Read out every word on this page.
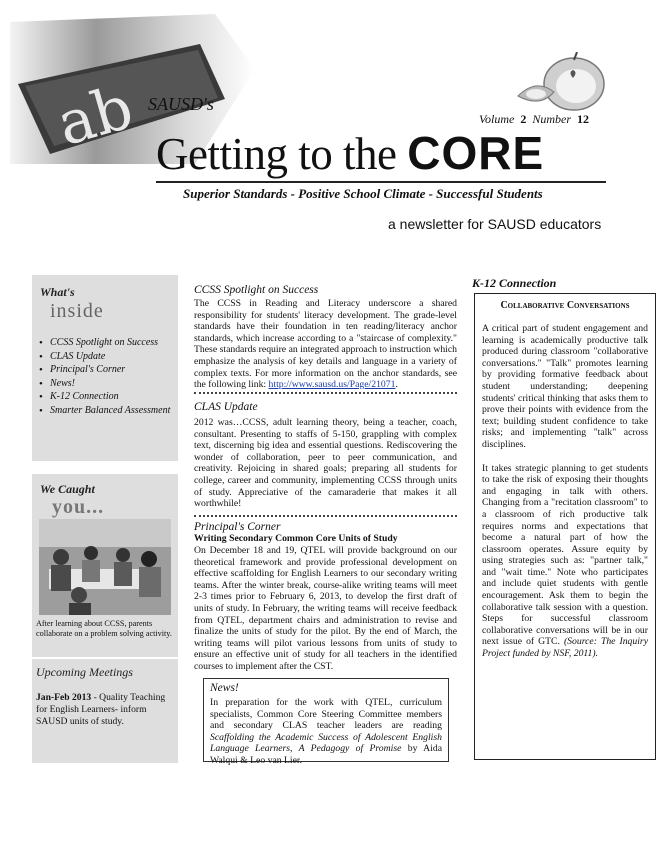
ab SAUSD's
Volume 2 Number 12
Getting to the CORE
Superior Standards - Positive School Climate - Successful Students
a newsletter for SAUSD educators
What's
inside
• CCSS Spotlight on Success
• CLAS Update
• Principal's Corner
• News!
• K-12 Connection
• Smarter Balanced Assessment
We Caught
you...
After learning about CCSS, parents collaborate on a problem solving activity.
Upcoming Meetings
Jan-Feb 2013 - Quality Teaching for English Learners- inform SAUSD units of study.
CCSS Spotlight on Success
The CCSS in Reading and Literacy underscore a shared responsibility for students' literacy development. The grade-level standards have their foundation in ten reading/literacy anchor standards, which increase according to a "staircase of complexity." These standards require an integrated approach to instruction which emphasize the analysis of key details and language in a variety of complex texts. For more information on the anchor standards, see the following link: http://www.sausd.us/Page/21071.
CLAS Update
2012 was…CCSS, adult learning theory, being a teacher, coach, consultant. Presenting to staffs of 5-150, grappling with complex text, discerning big idea and essential questions. Rediscovering the wonder of collaboration, peer to peer communication, and creativity. Rejoicing in shared goals; preparing all students for college, career and community, implementing CCSS through units of study. Appreciative of the camaraderie that makes it all worthwhile!
Principal's Corner
Writing Secondary Common Core Units of Study
On December 18 and 19, QTEL will provide background on our theoretical framework and provide professional development on effective scaffolding for English Learners to our secondary writing teams. After the winter break, course-alike writing teams will meet 2-3 times prior to February 6, 2013, to develop the first draft of units of study. In February, the writing teams will receive feedback from QTEL, department chairs and administration to revise and finalize the units of study for the pilot. By the end of March, the writing teams will pilot various lessons from units of study to ensure an effective unit of study for all teachers in the identified courses to implement after the CST.
News!
In preparation for the work with QTEL, curriculum specialists, Common Core Steering Committee members and secondary CLAS teacher leaders are reading Scaffolding the Academic Success of Adolescent English Language Learners, A Pedagogy of Promise by Aida Walqui & Leo van Lier.
K-12 Connection
Collaborative Conversations

A critical part of student engagement and learning is academically productive talk produced during classroom "collaborative conversations." "Talk" promotes learning by providing formative feedback about student understanding; deepening students' critical thinking that asks them to prove their points with evidence from the text; building student confidence to take risks; and implementing "talk" across disciplines.

It takes strategic planning to get students to take the risk of exposing their thoughts and engaging in talk with others. Changing from a "recitation classroom" to a classroom of rich productive talk requires norms and expectations that become a natural part of how the classroom operates. Assure equity by using strategies such as: "partner talk," and "wait time." Note who participates and include quiet students with gentle encouragement. Ask them to begin the collaborative talk session with a question. Steps for successful classroom collaborative conversations will be in our next issue of GTC. (Source: The Inquiry Project funded by NSF, 2011).
